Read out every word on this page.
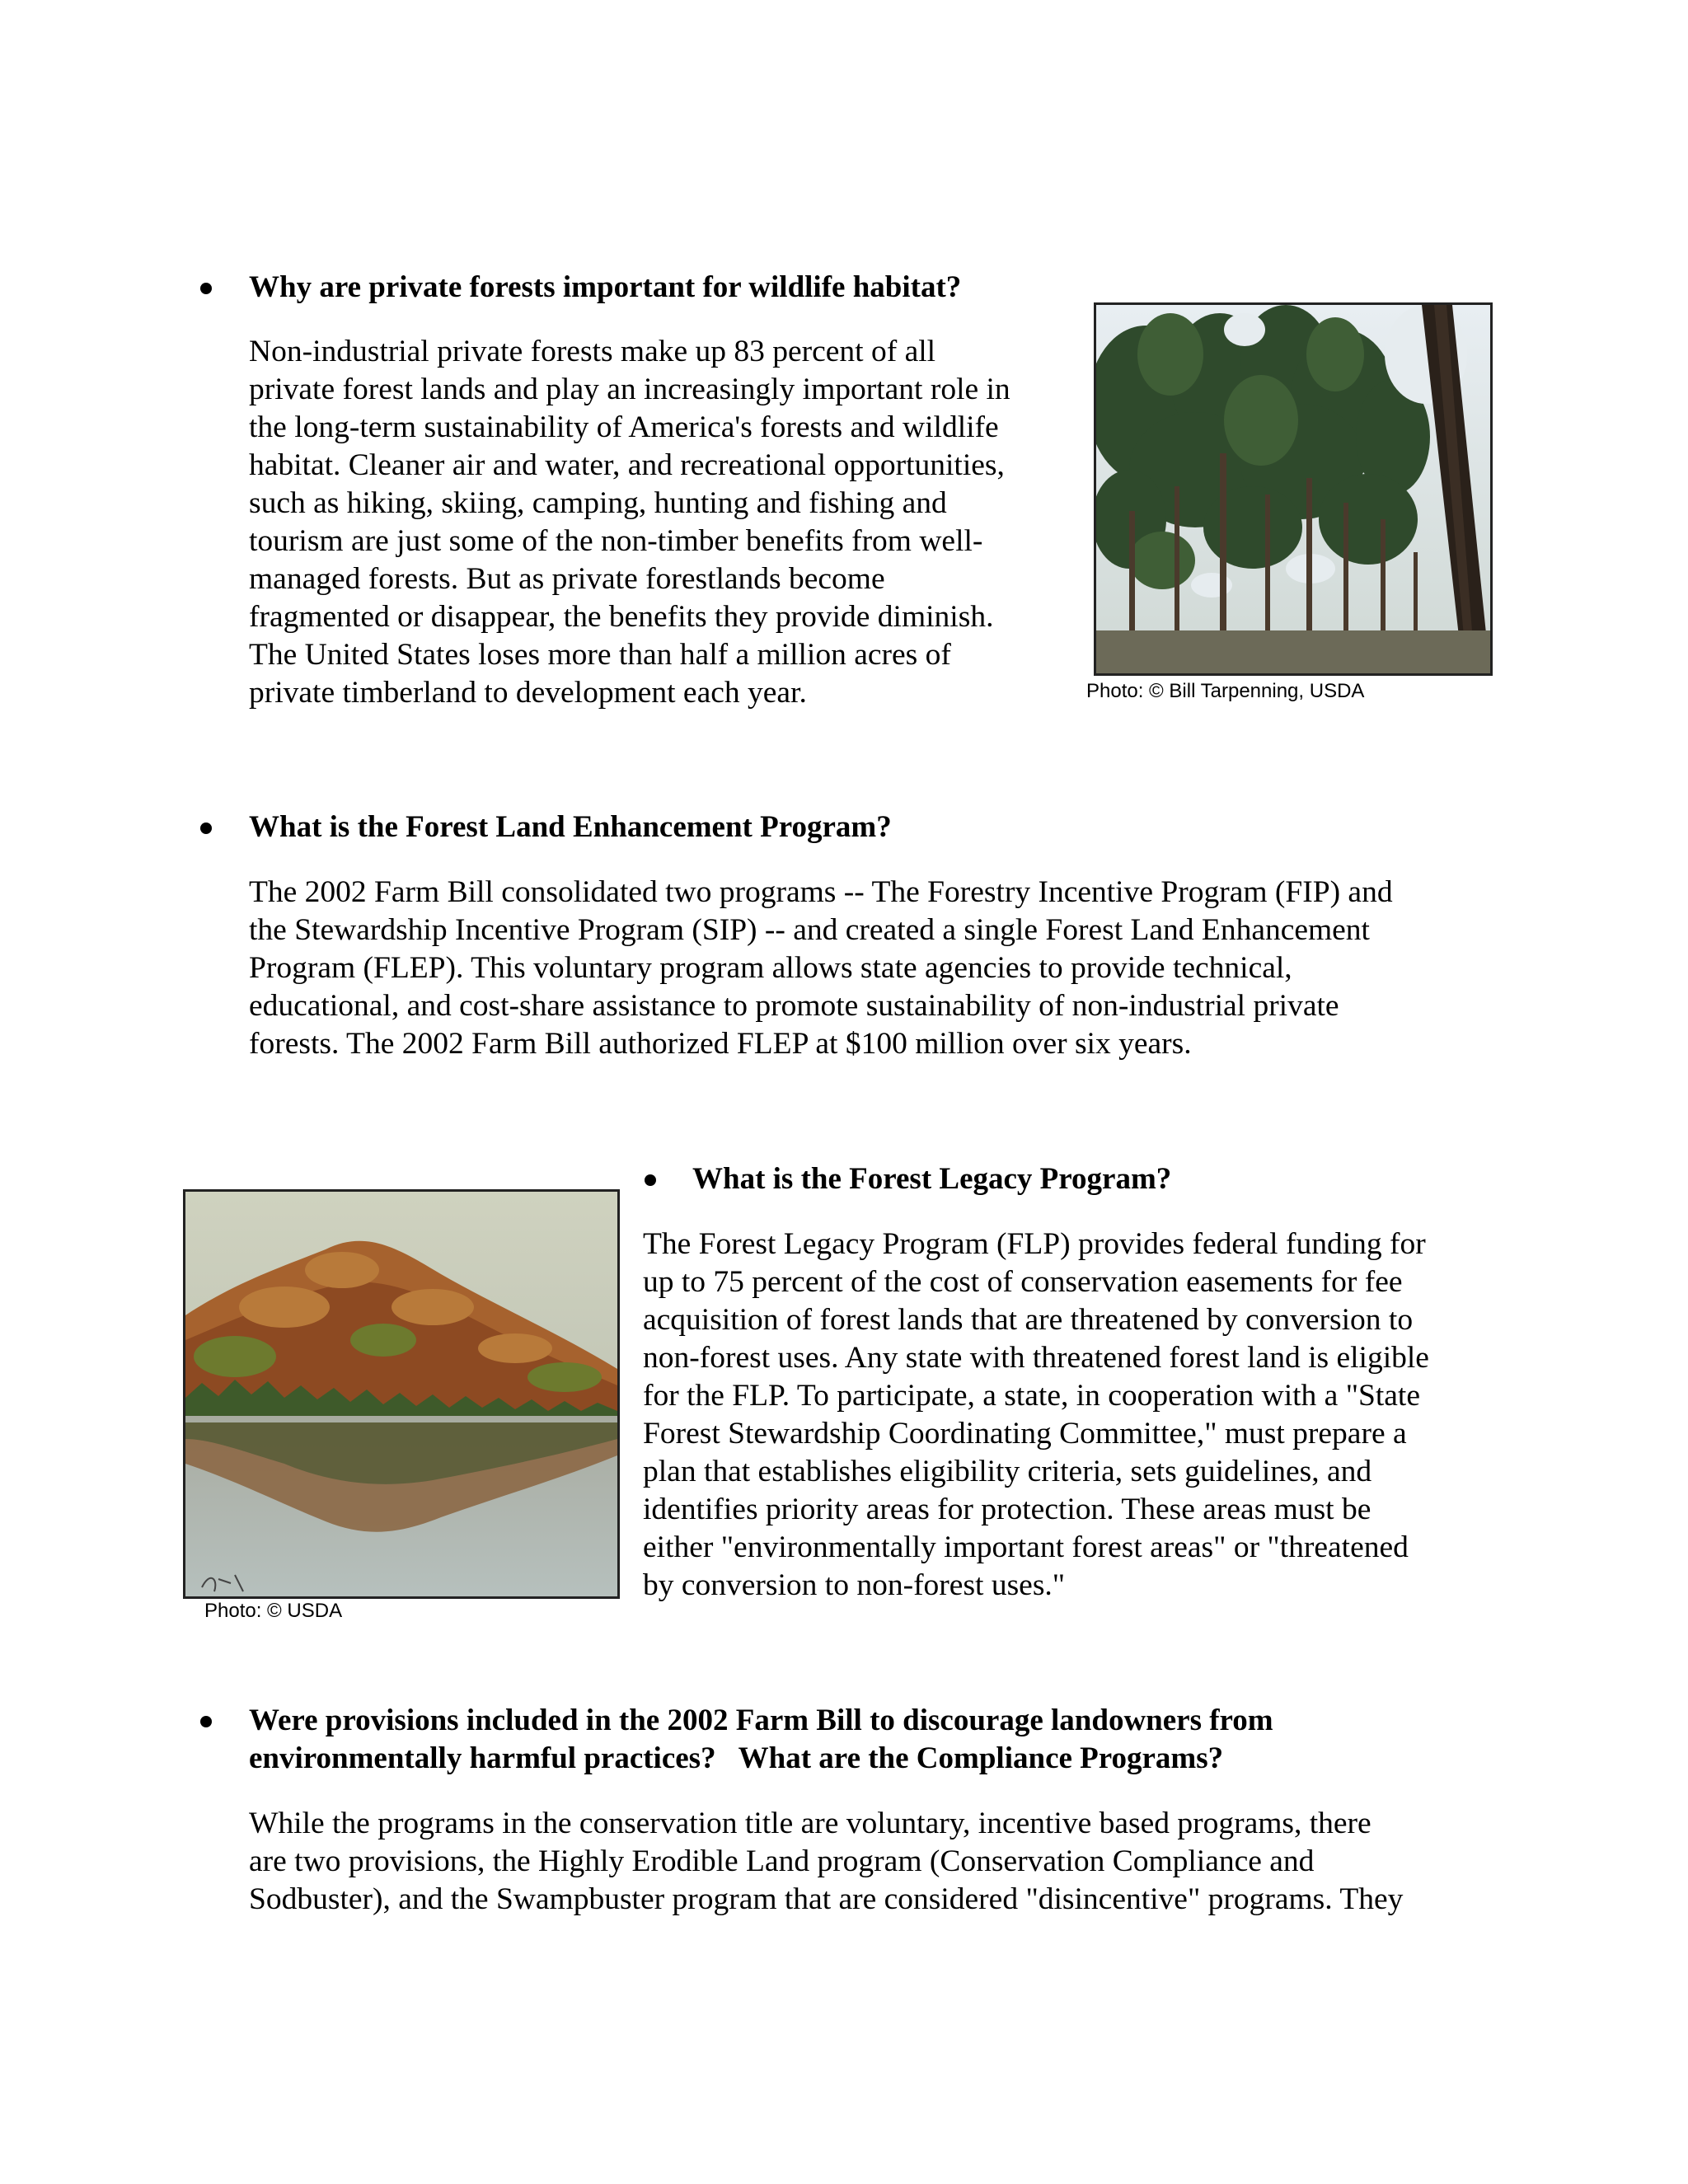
Why are private forests important for wildlife habitat?
Non-industrial private forests make up 83 percent of all
private forest lands and play an increasingly important role in
the long-term sustainability of America's forests and wildlife
habitat. Cleaner air and water, and recreational opportunities,
such as hiking, skiing, camping, hunting and fishing and
tourism are just some of the non-timber benefits from well-
managed forests. But as private forestlands become
fragmented or disappear, the benefits they provide diminish.
The United States loses more than half a million acres of
private timberland to development each year.	Photo: © Bill Tarpenning, USDA
What is the Forest Land Enhancement Program?
The 2002 Farm Bill consolidated two programs -- The Forestry Incentive Program (FIP) and
the Stewardship Incentive Program (SIP) -- and created a single Forest Land Enhancement
Program (FLEP). This voluntary program allows state agencies to provide technical,
educational, and cost-share assistance to promote sustainability of non-industrial private
forests. The 2002 Farm Bill authorized FLEP at $100 million over six years.
Photo: © USDA
What is the Forest Legacy Program?
The Forest Legacy Program (FLP) provides federal funding for
up to 75 percent of the cost of conservation easements for fee
acquisition of forest lands that are threatened by conversion to
non-forest uses. Any state with threatened forest land is eligible
for the FLP. To participate, a state, in cooperation with a "State
Forest Stewardship Coordinating Committee," must prepare a
plan that establishes eligibility criteria, sets guidelines, and
identifies priority areas for protection. These areas must be
either "environmentally important forest areas" or "threatened
by conversion to non-forest uses."
Were provisions included in the 2002 Farm Bill to discourage landowners from
environmentally harmful practices?   What are the Compliance Programs?
While the programs in the conservation title are voluntary, incentive based programs, there
are two provisions, the Highly Erodible Land program (Conservation Compliance and
Sodbuster), and the Swampbuster program that are considered "disincentive" programs. They
